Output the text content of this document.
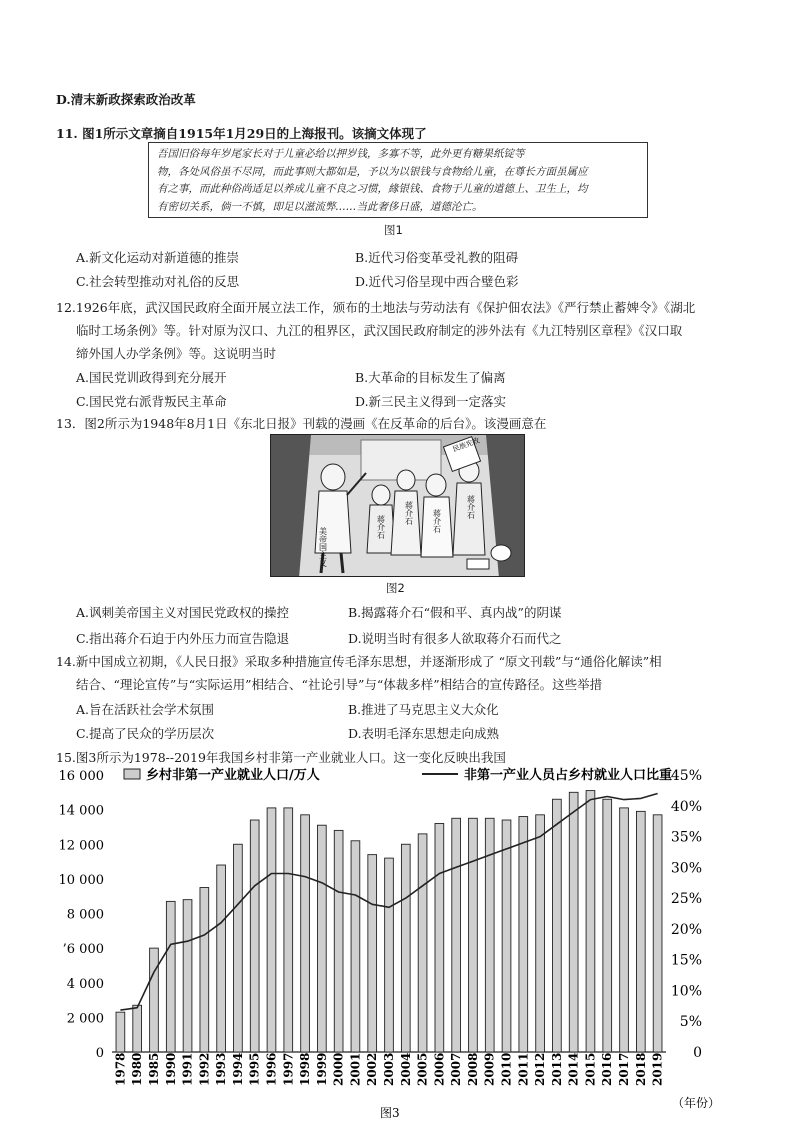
D.清末新政探索政治改革
11. 图1所示文章摘自1915年1月29日的上海报刊。该摘文体现了
吾国旧俗每年岁尾家长对于儿童必给以押岁钱，多寡不等，此外更有糖果纸锭等
物，各处风俗虽不尽同，而此事则大都如是，予以为以银钱与食物给儿童，在尊长方面虽属应
有之事，而此种俗尚适足以养成儿童不良之习惯，緣银钱、食物于儿童的道德上、卫生上，均
有密切关系，倘一不慎，即足以滋流弊……当此奢侈日盛，道德沦亡。
图1
A.新文化运动对新道德的推崇	B.近代习俗变革受礼教的阻碍
C.社会转型推动对礼俗的反思	D.近代习俗呈现中西合璧色彩
12.1926年底，武汉国民政府全面开展立法工作，颁布的土地法与劳动法有《保护佃农法》《严行禁止蓄婢令》《湖北
临时工场条例》等。针对原为汉口、九江的租界区，武汉国民政府制定的涉外法有《九江特别区章程》《汉口取
缔外国人办学条例》等。这说明当时
A.国民党训政得到充分展开	B.大革命的目标发生了偏离
C.国民党右派背叛民主革命	D.新三民主义得到一定落实
13．图2所示为1948年8月1日《东北日报》刊载的漫画《在反革命的后台》。该漫画意在
美帝国主义	蒋介石
蒋介石 蒋介石
民族宪政
蒋介石
图2
A.讽刺美帝国主义对国民党政权的操控	B.揭露蒋介石“假和平、真内战”的阴谋
C.指出蒋介石迫于内外压力而宣告隐退	D.说明当时有很多人欲取蒋介石而代之
14.新中国成立初期，《人民日报》采取多种措施宣传毛泽东思想，并逐渐形成了 “原文刊载”与“通俗化解读”相
结合、“理论宣传”与“实际运用”相结合、“社论引导”与“体裁多样”相结合的宣传路径。这些举措
A.旨在活跃社会学术氛围	B.推进了马克思主义大众化
C.提高了民众的学历层次	D.表明毛泽东思想走向成熟
15.图3所示为1978--2019年我国乡村非第一产业就业人口。这一变化反映出我国
乡村非第一产业就业人口/万人	非第一产业人员占乡村就业人口比重
0
2 000
4 000
’6 000
8 000
10 000
12 000
14 000
16 000
0
5%
10%
15%
20%
25%
30%
35%
40%
45%
1978 1980 1985 1990 1991 1992 1993 1994 1995 1996 1997 1998 1999 2000 2001 2002 2003 2004 2005 2006 2007 2008 2009 2010 2011 2012 2013 2014 2015 2016 2017 2018 2019
（年份）
图3
